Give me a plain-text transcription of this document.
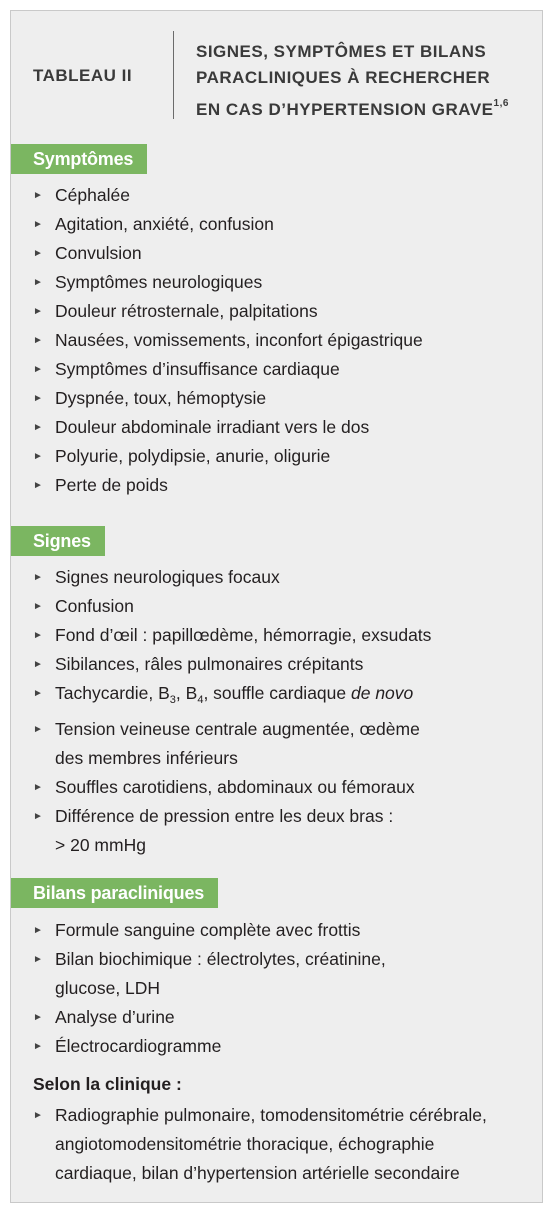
TABLEAU II
SIGNES, SYMPTÔMES ET BILANS
PARACLINIQUES À RECHERCHER
EN CAS D’HYPERTENSION GRAVE$^{1,6}$
Symptômes
► Céphalée
► Agitation, anxiété, confusion
► Convulsion
► Symptômes neurologiques
► Douleur rétrosternale, palpitations
► Nausées, vomissements, inconfort épigastrique
► Symptômes d’insuffisance cardiaque
► Dyspnée, toux, hémoptysie
► Douleur abdominale irradiant vers le dos
► Polyurie, polydipsie, anurie, oligurie
► Perte de poids
Signes
► Signes neurologiques focaux
► Confusion
► Fond d’œil : papillœdème, hémorragie, exsudats
► Sibilances, râles pulmonaires crépitants
► Tachycardie, $B_3$, $B_4$, souffle cardiaque de novo
► Tension veineuse centrale augmentée, œdème
des membres inférieurs
► Souffles carotidiens, abdominaux ou fémoraux
► Différence de pression entre les deux bras :
> 20 mmHg
Bilans paracliniques
► Formule sanguine complète avec frottis
► Bilan biochimique : électrolytes, créatinine,
glucose, LDH
► Analyse d’urine
► Électrocardiogramme
Selon la clinique :
► Radiographie pulmonaire, tomodensitométrie cérébrale,
angiotomodensitométrie thoracique, échographie
cardiaque, bilan d’hypertension artérielle secondaire
